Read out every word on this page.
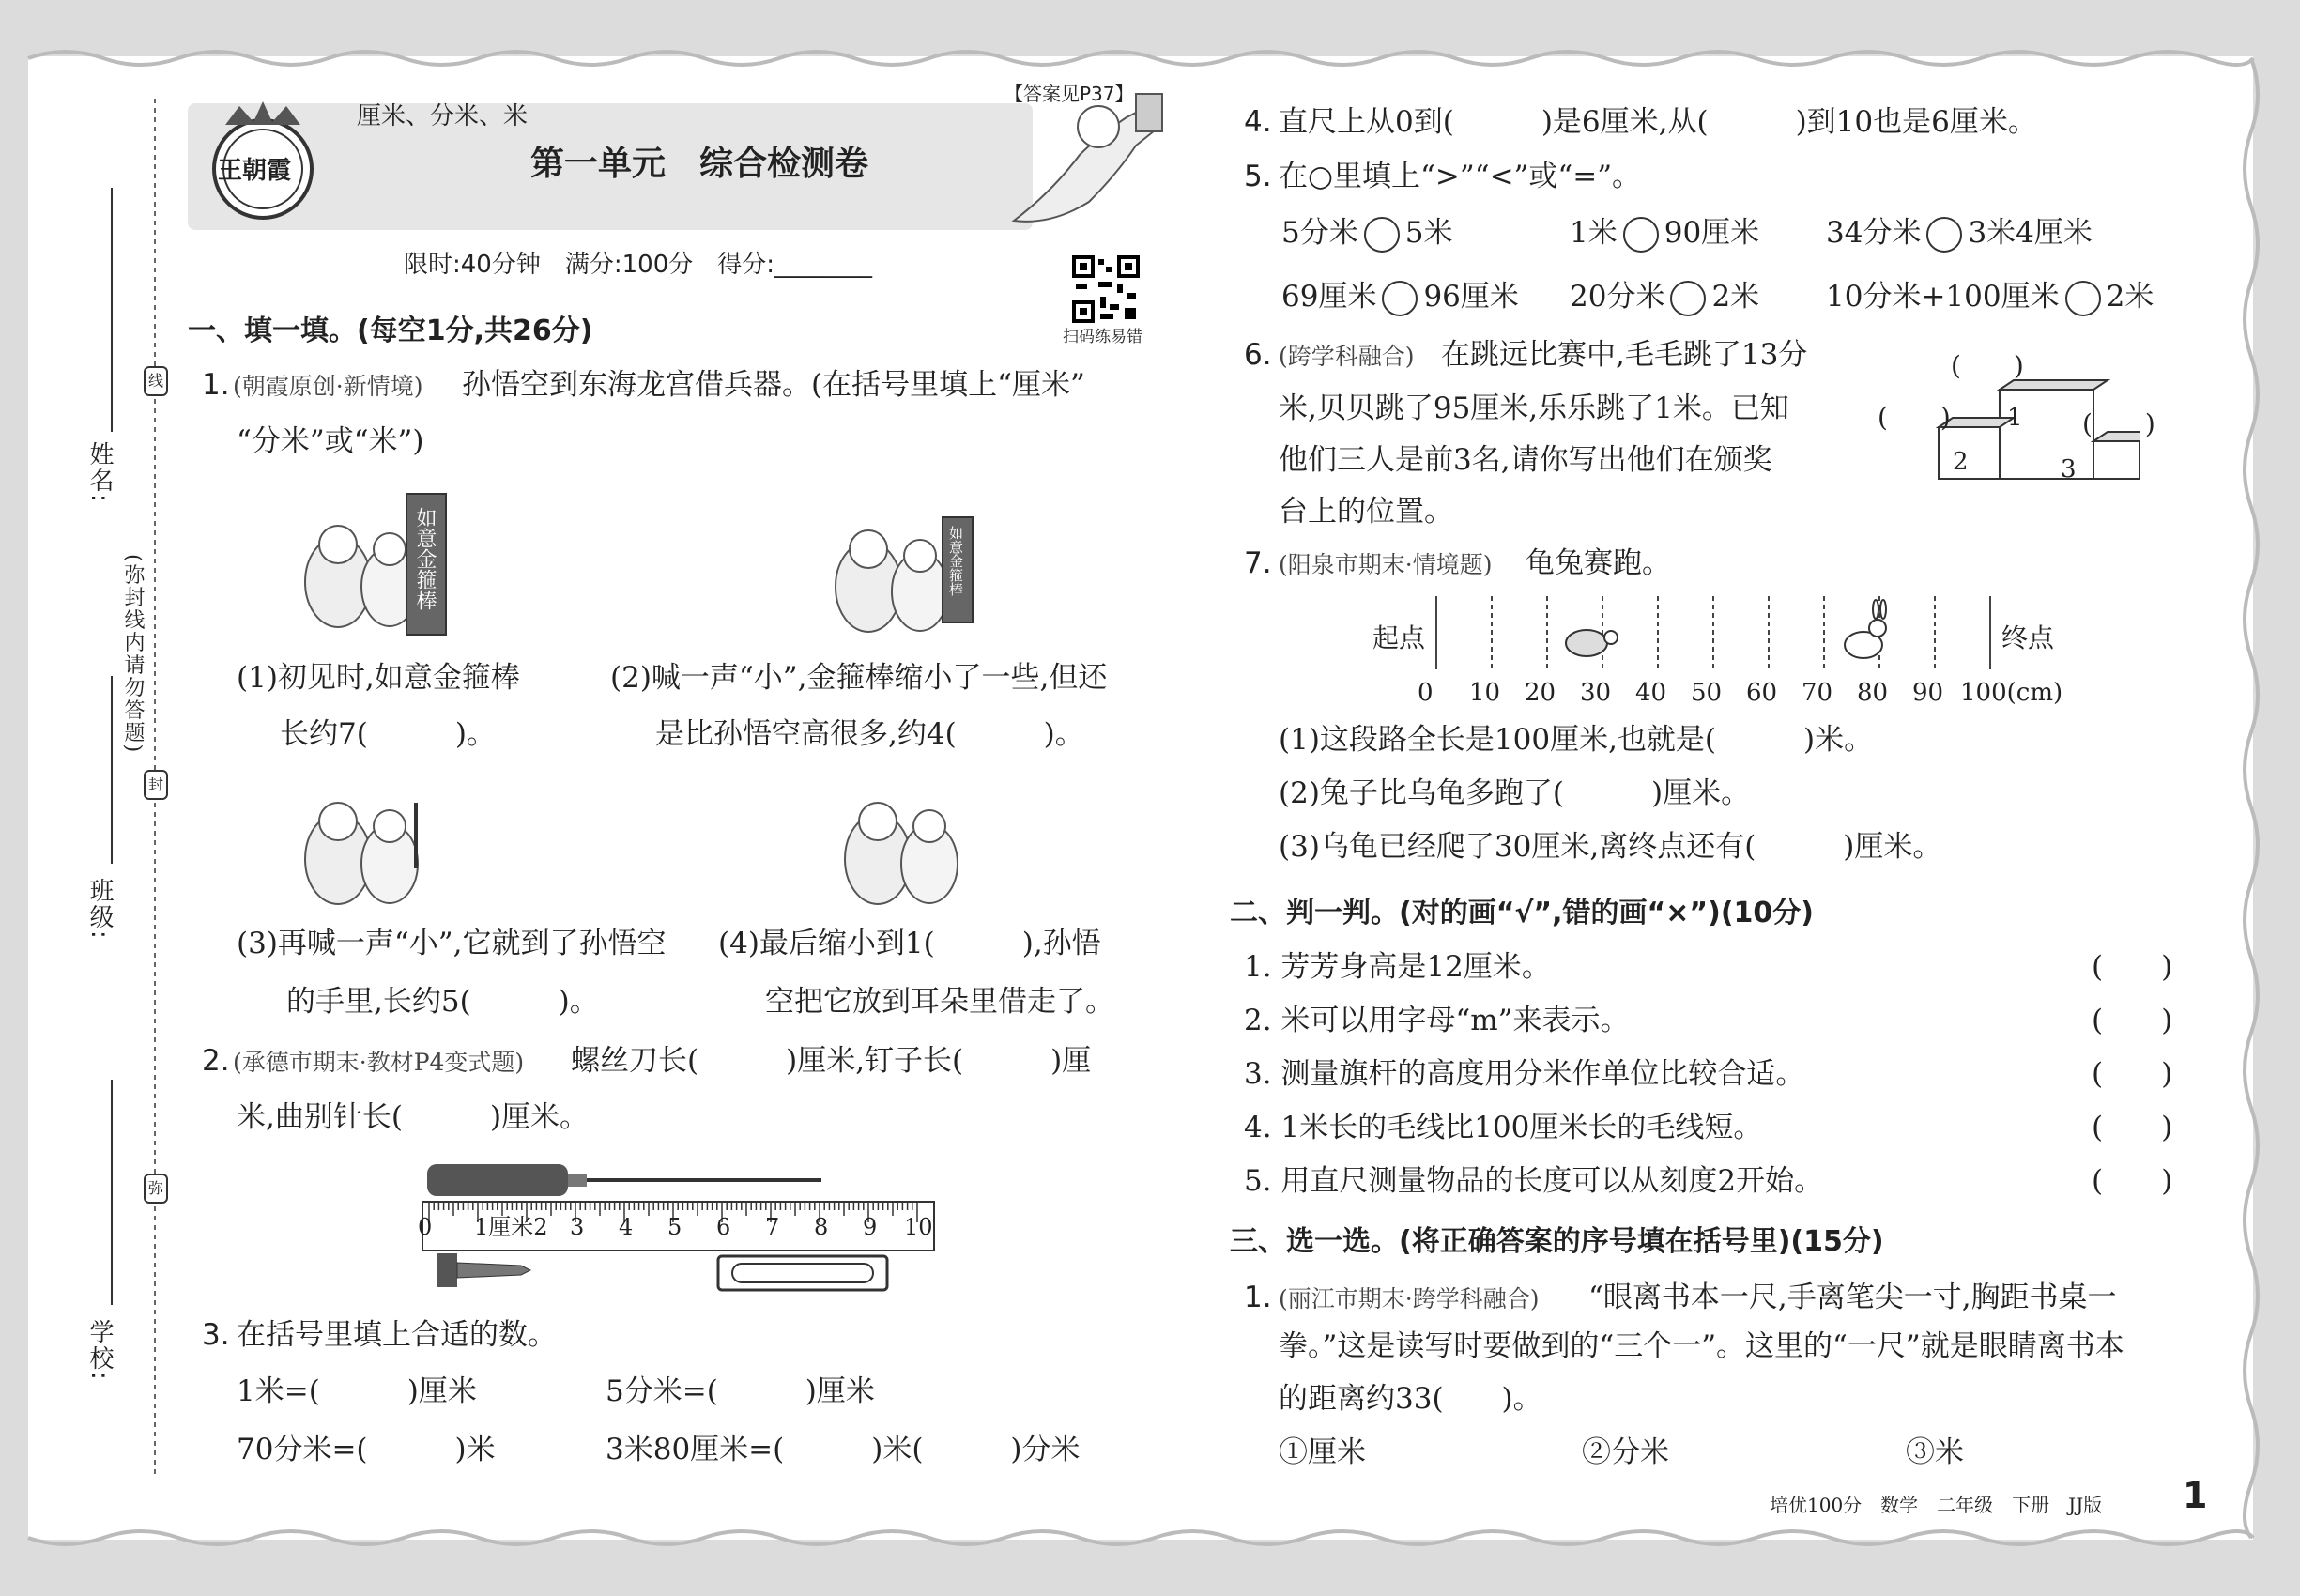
姓名:
班级:
学校:
(弥封线内请勿答题)
线
封
弥
王朝霞
厘米、分米、米
【答案见P37】
第一单元　综合检测卷
限时:40分钟　满分:100分　得分:________
扫码练易错
一、填一填。(每空1分,共26分)
1. (朝霞原创·新情境) 孙悟空到东海龙宫借兵器。(在括号里填上“厘米”
“分米”或“米”)
如意金箍棒	如意金箍棒
(1)初见时,如意金箍棒
长约7(　　　)。
(2)喊一声“小”,金箍棒缩小了一些,但还
是比孙悟空高很多,约4(　　　)。
(3)再喊一声“小”,它就到了孙悟空
的手里,长约5(　　　)。
(4)最后缩小到1(　　　),孙悟
空把它放到耳朵里借走了。
2. (承德市期末·教材P4变式题) 螺丝刀长(　　　)厘米,钉子长(　　　)厘
米,曲别针长(　　　)厘米。
0 1厘米2 3 4 5 6 7 8 9 10
3. 在括号里填上合适的数。
1米=(　　　)厘米	5分米=(　　　)厘米
70分米=(　　　)米	3米80厘米=(　　　)米(　　　)分米
4. 直尺上从0到(　　　)是6厘米,从(　　　)到10也是6厘米。
5. 在○里填上“>”“<”或“=”。
5分米 5米	1米 90厘米 34分米 3米4厘米
69厘米 96厘米 20分米 2米 10分米+100厘米 2米
6. (跨学科融合) 在跳远比赛中,毛毛跳了13分
米,贝贝跳了95厘米,乐乐跳了1米。已知
他们三人是前3名,请你写出他们在颁奖
台上的位置。
1
2	3
(　　)
(　　)	(　　)
7. (阳泉市期末·情境题) 龟兔赛跑。
起点	终点
0 10 20 30 40 50 60 70 80 90 100(cm)
(1)这段路全长是100厘米,也就是(　　　)米。
(2)兔子比乌龟多跑了(　　　)厘米。
(3)乌龟已经爬了30厘米,离终点还有(　　　)厘米。
二、判一判。(对的画“√”,错的画“×”)(10分)
1. 芳芳身高是12厘米。
2. 米可以用字母“m”来表示。
3. 测量旗杆的高度用分米作单位比较合适。
4. 1米长的毛线比100厘米长的毛线短。
5. 用直尺测量物品的长度可以从刻度2开始。
(　　)
(　　)
(　　)
(　　)
(　　)
三、选一选。(将正确答案的序号填在括号里)(15分)
1. (丽江市期末·跨学科融合) “眼离书本一尺,手离笔尖一寸,胸距书桌一
拳。”这是读写时要做到的“三个一”。这里的“一尺”就是眼睛离书本
的距离约33(　　)。
①厘米	②分米	③米
培优100分　数学　二年级　下册　JJ版 1
